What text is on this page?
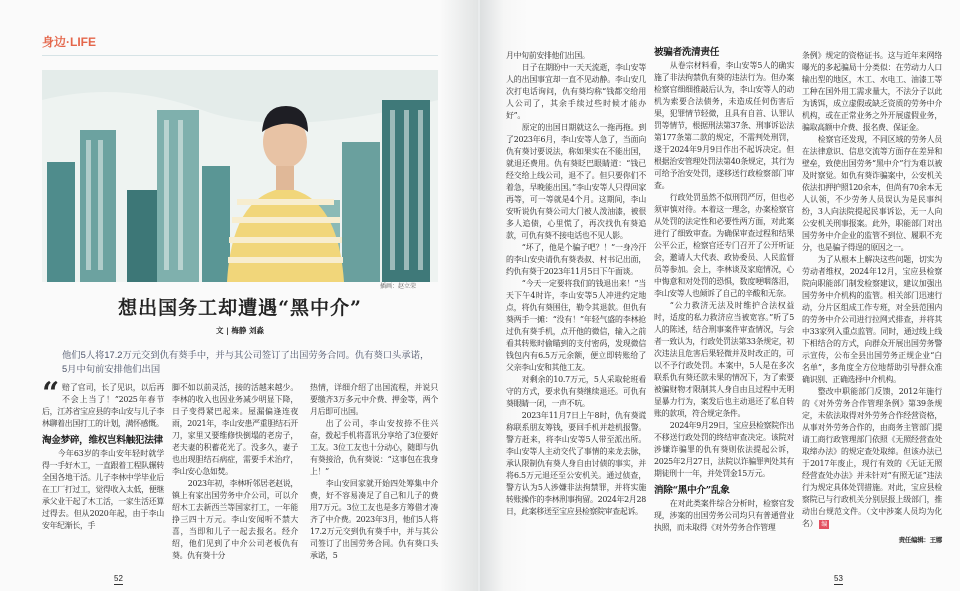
身边·LIFE
插画：赵立荣
想出国务工却遭遇“黑中介”
文 | 梅静 刘淼
他们5人将17.2万元交到仇有葵手中，并与其公司签订了出国劳务合同。仇有葵口头承诺，5月中旬前安排他们出国

“ 赔了官司，长了见识，以后再不会上当了！”2025年春节后，江苏省宝应县的李山安与儿子李林聊着出国打工的计划，满怀感慨。

淘金梦碎，维权岂料触犯法律

今年63岁的李山安年轻时就学得一手好木工，一直跟着工程队辗转全国各地干活。儿子李林中学毕业后在工厂打过工，觉得收入太低，便继承父业干起了木工活，一家生活还算过得去。但从2020年起，由于李山安年纪渐长，手

脚不如以前灵活，接的活越来越少。李林的收入也因业务减少明显下降，日子变得紧巴起来。屋漏偏逢连夜雨，2021年，李山安患严重胆结石开刀，家里又要维修快倒塌的老房子，老夫妻的积蓄花光了。没多久，妻子也出现胆结石病症，需要手术治疗，李山安心急如焚。

2023年初，李林听邻居老赵说，镇上有家出国劳务中介公司，可以介绍木工去新西兰等国家打工，一年能挣三四十万元。李山安闻听不禁大喜，当即和儿子一起去报名。经介绍，他们见到了中介公司老板仇有葵。仇有葵十分

热情，详细介绍了出国流程，并说只要缴齐3万多元中介费、押金等，两个月后即可出国。

出了公司，李山安按捺不住兴奋，拨起手机将喜讯分享给了3位要好工友。3位工友也十分动心，随即与仇有葵接洽，仇有葵说：“这事包在我身上！”

李山安回家就开始四处筹集中介费，好不容易凑足了自己和儿子的费用7万元。3位工友也是多方筹借才凑齐了中介费。2023年3月，他们5人将17.2万元交到仇有葵手中，并与其公司签订了出国劳务合同。仇有葵口头承诺，5

52

月中旬前安排他们出国。

日子在期盼中一天天流逝，李山安等人的出国事宜却一直不见动静。李山安几次打电话询问，仇有葵均称“钱都交给用人公司了，其余手续过些时候才能办好”。

原定的出国日期就这么一拖再拖。到了2023年6月，李山安等人急了，当面向仇有葵讨要说法，称如果实在不能出国，就退还费用。仇有葵眨巴眼睛道：“钱已经交给上线公司，退不了。但只要你们不着急，早晚能出国。”李山安等人只得回家再等，可一等就是4个月。这期间，李山安听说仇有葵公司大门被人泼油漆，被很多人追债，心里慌了，再次找仇有葵追款，可仇有葵不接电话也不见人影。

“坏了，他是个骗子吧？！”一身冷汗的李山安央请仇有葵表叔、村书记出面，约仇有葵于2023年11月5日下午面谈。

“今天一定要将我们的钱退出来！”当天下午4时许，李山安等5人冲进约定地点，将仇有葵围住，勒令其退款。但仇有葵两手一摊：“没有！”年轻气盛的李林抢过仇有葵手机，点开他的微信，输入之前看其转账时偷瞄到的支付密码，发现微信钱包内有6.5万元余额，便立即转账给了父亲李山安和其他工友。

对剩余的10.7万元，5人采取轮班看守的方式，要求仇有葵继续退还。可仇有葵眼睛一闭，一声不吭。

2023年11月7日上午8时，仇有葵谎称联系朋友筹钱，要回手机并趁机报警。警方赶来，将李山安等5人带至派出所。李山安等人主动交代了事情的来龙去脉，承认限制仇有葵人身自由讨债的事实，并将6.5万元退还至公安机关。通过侦查，警方认为5人涉嫌非法拘禁罪，并将实施转账操作的李林刑事拘留。2024年2月28日，此案移送至宝应县检察院审查起诉。

被骗者洗清责任

从卷宗材料看，李山安等5人的确实施了非法拘禁仇有葵的违法行为。但办案检察官细细推敲后认为，李山安等人的动机为索要合法债务，未造成任何伤害后果，犯罪情节轻微，且具有自首、认罪认罚等情节，根据刑法第37条、刑事诉讼法第177条第二款的规定，不需判处刑罚，遂于2024年9月9日作出不起诉决定。但根据治安管理处罚法第40条规定，其行为可给予治安处罚，遂移送行政检察部门审查。

行政处罚虽然不似刑罚严厉，但也必须审慎对待。本着这一理念，办案检察官从处罚的法定性和必要性两方面，对此案进行了细致审查。为确保审查过程和结果公平公正，检察官还专门召开了公开听证会，邀请人大代表、政协委员、人民监督员等参加。会上，李林谈及家庭情况，心中悔意和对处罚的恐惧，数度哽咽落泪，李山安等人也倾诉了自己的辛酸和无奈。

“公力救济无法及时维护合法权益时，适度的私力救济应当被宽容。”听了5人的陈述，结合刑事案件审查情况，与会者一致认为，行政处罚法第33条规定，初次违法且危害后果轻微并及时改正的，可以不予行政处罚。本案中，5人是在多次联系仇有葵还款未果的情况下，为了索要被骗财物才限制其人身自由且过程中无明显暴力行为，案发后也主动退还了私自转账的款项，符合规定条件。

2024年9月29日，宝应县检察院作出不移送行政处罚的终结审查决定。该院对涉嫌诈骗罪的仇有葵则依法提起公诉，2025年2月27日，法院以诈骗罪判处其有期徒刑十一年，并处罚金15万元。

消除“黑中介”乱象

在对此类案件综合分析时，检察官发现，涉案的出国劳务公司均只有普通营业执照，而未取得《对外劳务合作管理

条例》规定的资格证书。这与近年来网络曝光的多起骗局十分类似：在劳动力人口输出型的地区，木工、水电工、油漆工等工种在国外用工需求量大，不法分子以此为诱饵，成立虚假或缺乏资质的劳务中介机构，或在正常业务之外开展虚假业务，骗取高额中介费、报名费、保证金。

检察官还发现，不同区域的劳务人员在法律意识、信息交流等方面存在差异和壁垒，致使出国劳务“黑中介”行为难以被及时察觉。如仇有葵诈骗案中，公安机关依法扣押护照120余本，但尚有70余本无人认领，不少劳务人员误认为是民事纠纷，3人向法院提起民事诉讼，无一人向公安机关刑事报案。此外，职能部门对出国劳务中介企业的监管不到位、履职不充分，也是骗子得逞的原因之一。

为了从根本上解决这些问题，切实为劳动者维权，2024年12月，宝应县检察院向职能部门制发检察建议，建议加强出国劳务中介机构的监管。相关部门迅速行动，分片区组成工作专班，对全县范围内的劳务中介公司进行拉网式排查，并将其中33家列入重点监管。同时，通过线上线下相结合的方式，向群众开展出国劳务警示宣传，公布全县出国劳务正规企业“白名单”，多角度全方位地帮助引导群众准确识别、正确选择中介机构。

整改中职能部门反馈，2012年施行的《对外劳务合作管理条例》第39条规定，未依法取得对外劳务合作经营资格，从事对外劳务合作的，由商务主管部门提请工商行政管理部门依照《无照经营查处取缔办法》的规定查处取缔。但该办法已于2017年废止，现行有效的《无证无照经营查处办法》并未针对“有照无证”违法行为规定具体处罚措施。对此，宝应县检察院已与行政机关分别层报上级部门，推动出台规范文件。（文中涉案人员均为化名） 编

责任编辑：王娜
53
